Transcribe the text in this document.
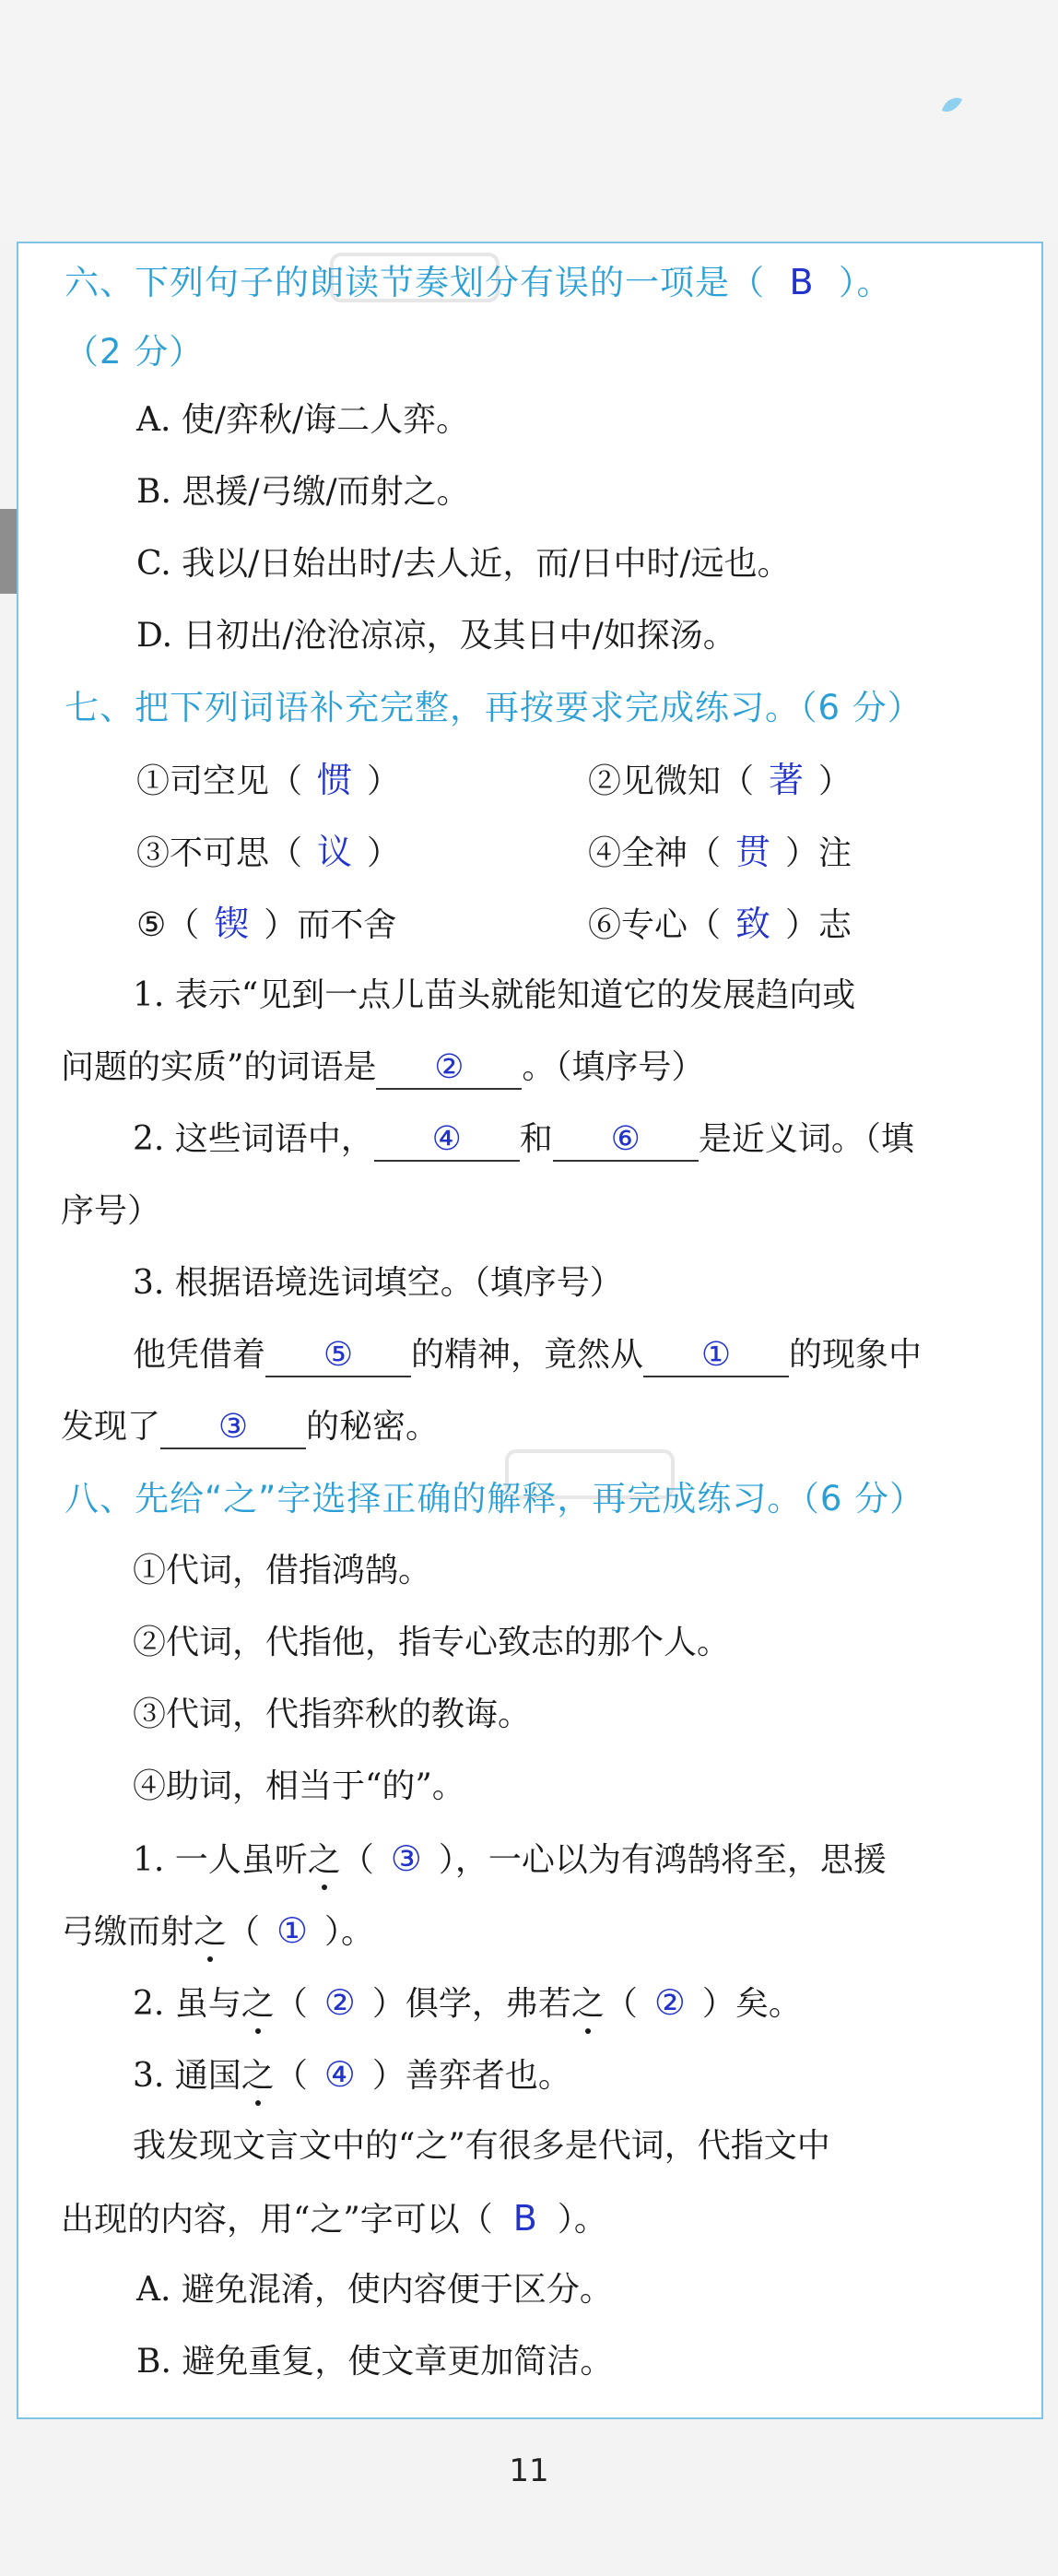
六、下列句子的朗读节奏划分有误的一项是（ B ）。
（2 分）
A. 使/弈秋/诲二人弈。
B. 思援/弓缴/而射之。
C. 我以/日始出时/去人近，而/日中时/远也。
D. 日初出/沧沧凉凉，及其日中/如探汤。
七、把下列词语补充完整，再按要求完成练习。（6 分）
①司空见（ 惯 ）	②见微知（ 著 ）
③不可思（ 议 ）	④全神（ 贯 ）注
⑤（ 锲 ）而不舍	⑥专心（ 致 ）志
1. 表示“见到一点儿苗头就能知道它的发展趋向或
问题的实质”的词语是 ② 。（填序号）
2. 这些词语中， ④ 和 ⑥ 是近义词。（填
序号）
3. 根据语境选词填空。（填序号）
他凭借着 ⑤ 的精神，竟然从 ① 的现象中
发现了 ③ 的秘密。
八、先给“之”字选择正确的解释，再完成练习。（6 分）
①代词，借指鸿鹄。
②代词，代指他，指专心致志的那个人。
③代词，代指弈秋的教诲。
④助词，相当于“的”。
1. 一人虽听之（ ③ ），一心以为有鸿鹄将至，思援
弓缴而射之（ ① ）。
2. 虽与之（ ② ）俱学，弗若之（ ② ）矣。
3. 通国之（ ④ ）善弈者也。
我发现文言文中的“之”有很多是代词，代指文中
出现的内容，用“之”字可以（ B ）。
A. 避免混淆，使内容便于区分。
B. 避免重复，使文章更加简洁。
11
